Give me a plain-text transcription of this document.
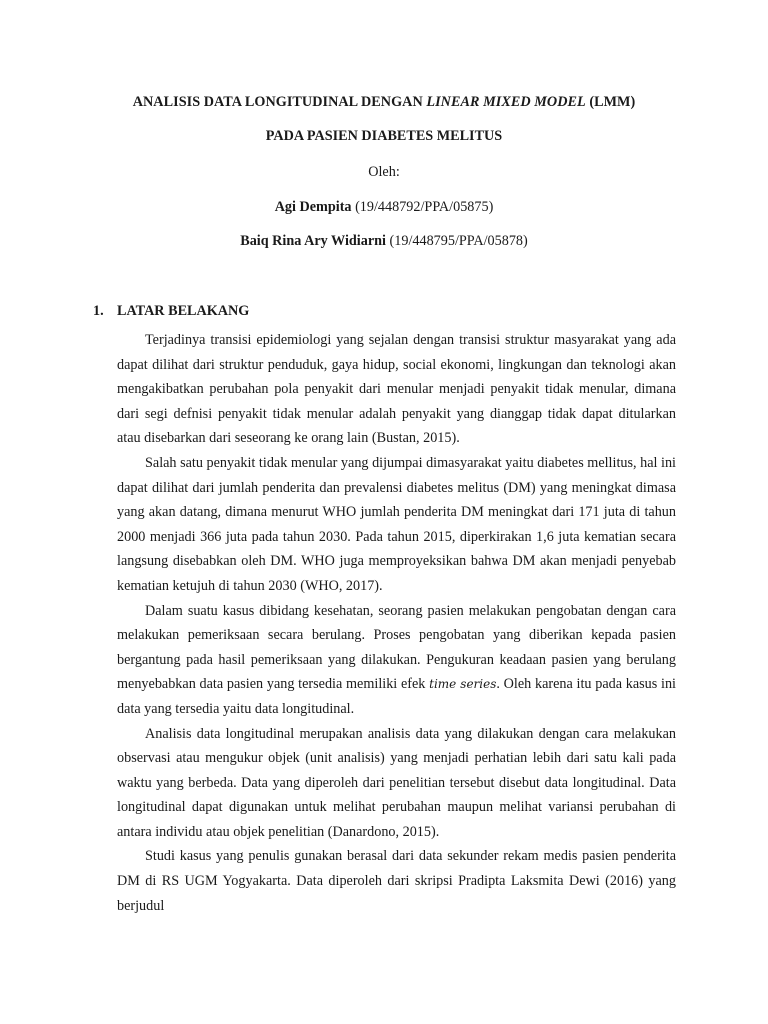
ANALISIS DATA LONGITUDINAL DENGAN LINEAR MIXED MODEL (LMM)
PADA PASIEN DIABETES MELITUS
Oleh:
Agi Dempita (19/448792/PPA/05875)
Baiq Rina Ary Widiarni (19/448795/PPA/05878)
1. LATAR BELAKANG

Terjadinya transisi epidemiologi yang sejalan dengan transisi struktur masyarakat yang ada dapat dilihat dari struktur penduduk, gaya hidup, social ekonomi, lingkungan dan teknologi akan mengakibatkan perubahan pola penyakit dari menular menjadi penyakit tidak menular, dimana dari segi defnisi penyakit tidak menular adalah penyakit yang dianggap tidak dapat ditularkan atau disebarkan dari seseorang ke orang lain (Bustan, 2015).

Salah satu penyakit tidak menular yang dijumpai dimasyarakat yaitu diabetes mellitus, hal ini dapat dilihat dari jumlah penderita dan prevalensi diabetes melitus (DM) yang meningkat dimasa yang akan datang, dimana menurut WHO jumlah penderita DM meningkat dari 171 juta di tahun 2000 menjadi 366 juta pada tahun 2030. Pada tahun 2015, diperkirakan 1,6 juta kematian secara langsung disebabkan oleh DM. WHO juga memproyeksikan bahwa DM akan menjadi penyebab kematian ketujuh di tahun 2030 (WHO, 2017).

Dalam suatu kasus dibidang kesehatan, seorang pasien melakukan pengobatan dengan cara melakukan pemeriksaan secara berulang. Proses pengobatan yang diberikan kepada pasien bergantung pada hasil pemeriksaan yang dilakukan. Pengukuran keadaan pasien yang berulang menyebabkan data pasien yang tersedia memiliki efek time series. Oleh karena itu pada kasus ini data yang tersedia yaitu data longitudinal.

Analisis data longitudinal merupakan analisis data yang dilakukan dengan cara melakukan observasi atau mengukur objek (unit analisis) yang menjadi perhatian lebih dari satu kali pada waktu yang berbeda. Data yang diperoleh dari penelitian tersebut disebut data longitudinal. Data longitudinal dapat digunakan untuk melihat perubahan maupun melihat variansi perubahan di antara individu atau objek penelitian (Danardono, 2015).

Studi kasus yang penulis gunakan berasal dari data sekunder rekam medis pasien penderita DM di RS UGM Yogyakarta. Data diperoleh dari skripsi Pradipta Laksmita Dewi (2016) yang berjudul
